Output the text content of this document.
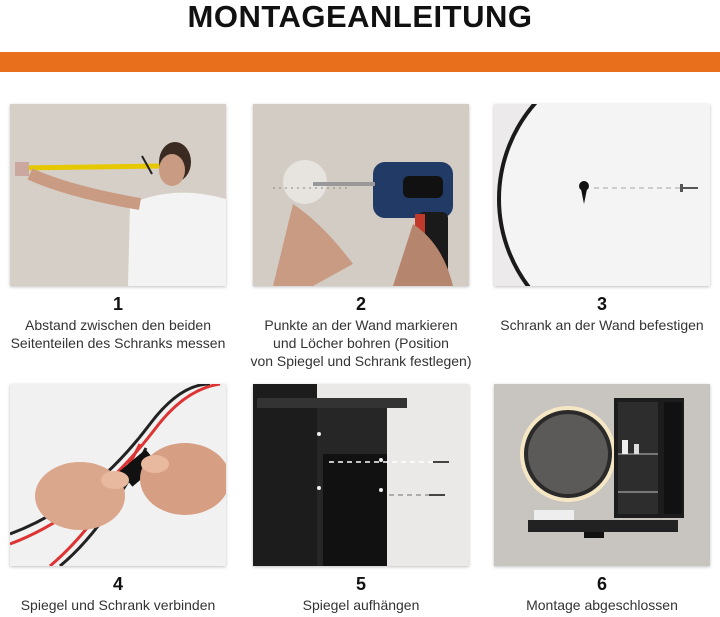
MONTAGEANLEITUNG
1
Abstand zwischen den beiden
Seitenteilen des Schranks messen
2
Punkte an der Wand markieren
und Löcher bohren (Position
von Spiegel und Schrank festlegen)
3
Schrank an der Wand befestigen
4
Spiegel und Schrank verbinden
5
Spiegel aufhängen
6
Montage abgeschlossen
